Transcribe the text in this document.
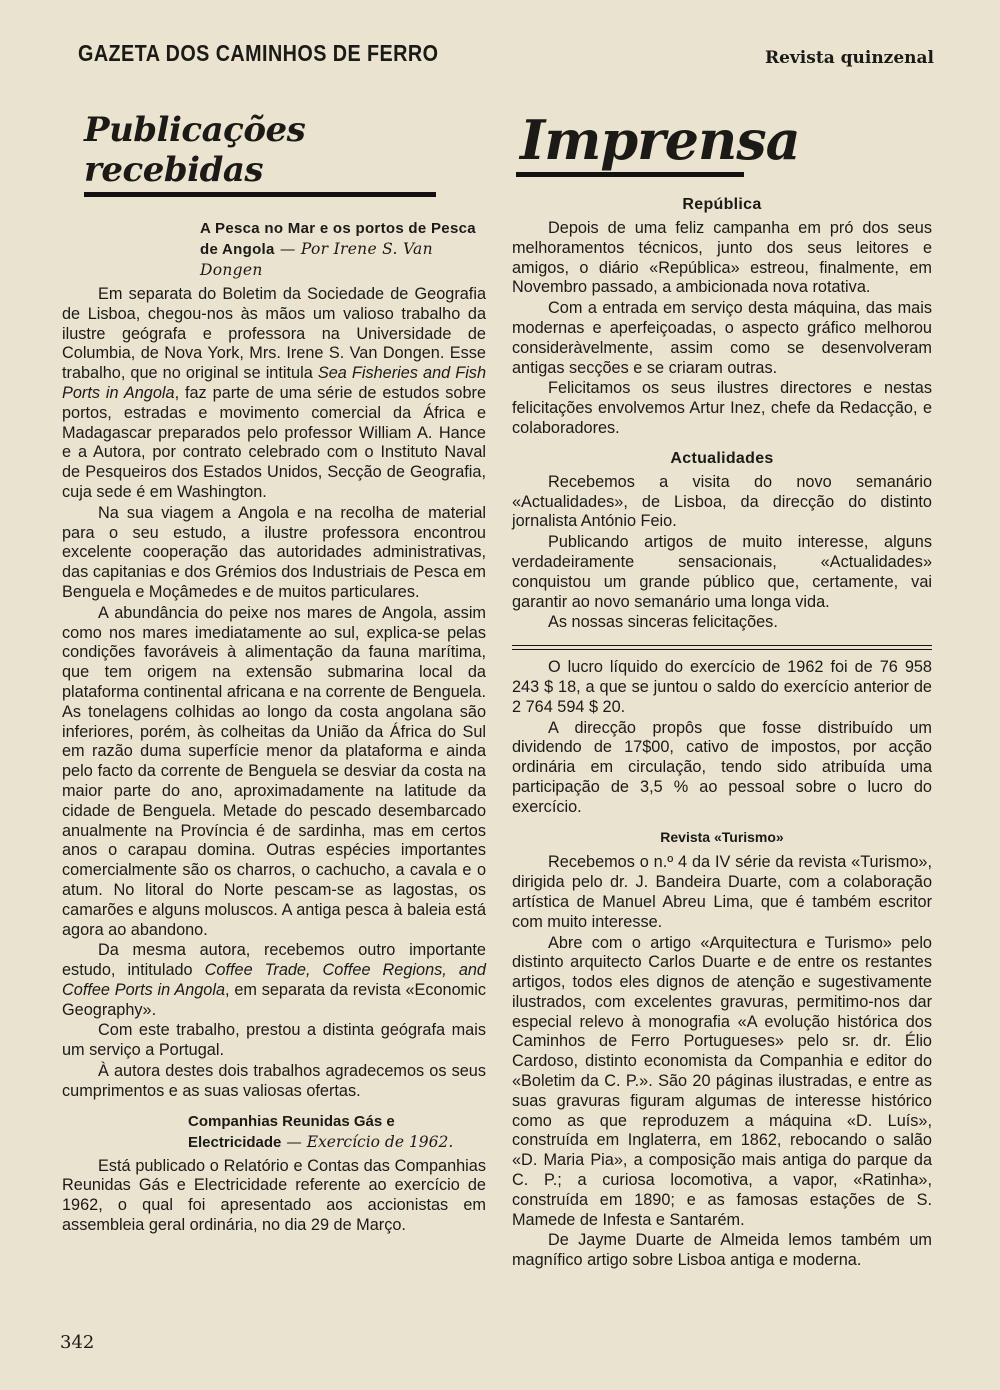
GAZETA DOS CAMINHOS DE FERRO	Revista quinzenal
Publicações recebidas
A Pesca no Mar e os portos de Pesca de Angola — Por Irene S. Van Dongen

Em separata do Boletim da Sociedade de Geografia de Lisboa, chegou-nos às mãos um valioso trabalho da ilustre geógrafa e professora na Universidade de Columbia, de Nova York, Mrs. Irene S. Van Dongen. Esse trabalho, que no original se intitula Sea Fisheries and Fish Ports in Angola, faz parte de uma série de estudos sobre portos, estradas e movimento comercial da África e Madagascar preparados pelo professor William A. Hance e a Autora, por contrato celebrado com o Instituto Naval de Pesqueiros dos Estados Unidos, Secção de Geografia, cuja sede é em Washington.

Na sua viagem a Angola e na recolha de material para o seu estudo, a ilustre professora encontrou excelente cooperação das autoridades administrativas, das capitanias e dos Grémios dos Industriais de Pesca em Benguela e Moçâmedes e de muitos particulares.

A abundância do peixe nos mares de Angola, assim como nos mares imediatamente ao sul, explica-se pelas condições favoráveis à alimentação da fauna marítima, que tem origem na extensão submarina local da plataforma continental africana e na corrente de Benguela. As tonelagens colhidas ao longo da costa angolana são inferiores, porém, às colheitas da União da África do Sul em razão duma superfície menor da plataforma e ainda pelo facto da corrente de Benguela se desviar da costa na maior parte do ano, aproximadamente na latitude da cidade de Benguela. Metade do pescado desembarcado anualmente na Província é de sardinha, mas em certos anos o carapau domina. Outras espécies importantes comercialmente são os charros, o cachucho, a cavala e o atum. No litoral do Norte pescam-se as lagostas, os camarões e alguns moluscos. A antiga pesca à baleia está agora ao abandono.

Da mesma autora, recebemos outro importante estudo, intitulado Coffee Trade, Coffee Regions, and Coffee Ports in Angola, em separata da revista «Economic Geography».

Com este trabalho, prestou a distinta geógrafa mais um serviço a Portugal.

À autora destes dois trabalhos agradecemos os seus cumprimentos e as suas valiosas ofertas.

Companhias Reunidas Gás e Electricidade — Exercício de 1962.

Está publicado o Relatório e Contas das Companhias Reunidas Gás e Electricidade referente ao exercício de 1962, o qual foi apresentado aos accionistas em assembleia geral ordinária, no dia 29 de Março.

Imprensa
República

Depois de uma feliz campanha em pró dos seus melhoramentos técnicos, junto dos seus leitores e amigos, o diário «República» estreou, finalmente, em Novembro passado, a ambicionada nova rotativa.

Com a entrada em serviço desta máquina, das mais modernas e aperfeiçoadas, o aspecto gráfico melhorou consideràvelmente, assim como se desenvolveram antigas secções e se criaram outras.

Felicitamos os seus ilustres directores e nestas felicitações envolvemos Artur Inez, chefe da Redacção, e colaboradores.

Actualidades

Recebemos a visita do novo semanário «Actualidades», de Lisboa, da direcção do distinto jornalista António Feio.

Publicando artigos de muito interesse, alguns verdadeiramente sensacionais, «Actualidades» conquistou um grande público que, certamente, vai garantir ao novo semanário uma longa vida.

As nossas sinceras felicitações.

O lucro líquido do exercício de 1962 foi de 76 958 243 $ 18, a que se juntou o saldo do exercício anterior de 2 764 594 $ 20.

A direcção propôs que fosse distribuído um dividendo de 17$00, cativo de impostos, por acção ordinária em circulação, tendo sido atribuída uma participação de 3,5 % ao pessoal sobre o lucro do exercício.

Revista «Turismo»

Recebemos o n.º 4 da IV série da revista «Turismo», dirigida pelo dr. J. Bandeira Duarte, com a colaboração artística de Manuel Abreu Lima, que é também escritor com muito interesse.

Abre com o artigo «Arquitectura e Turismo» pelo distinto arquitecto Carlos Duarte e de entre os restantes artigos, todos eles dignos de atenção e sugestivamente ilustrados, com excelentes gravuras, permitimo-nos dar especial relevo à monografia «A evolução histórica dos Caminhos de Ferro Portugueses» pelo sr. dr. Élio Cardoso, distinto economista da Companhia e editor do «Boletim da C. P.». São 20 páginas ilustradas, e entre as suas gravuras figuram algumas de interesse histórico como as que reproduzem a máquina «D. Luís», construída em Inglaterra, em 1862, rebocando o salão «D. Maria Pia», a composição mais antiga do parque da C. P.; a curiosa locomotiva, a vapor, «Ratinha», construída em 1890; e as famosas estações de S. Mamede de Infesta e Santarém.

De Jayme Duarte de Almeida lemos também um magnífico artigo sobre Lisboa antiga e moderna.

342
